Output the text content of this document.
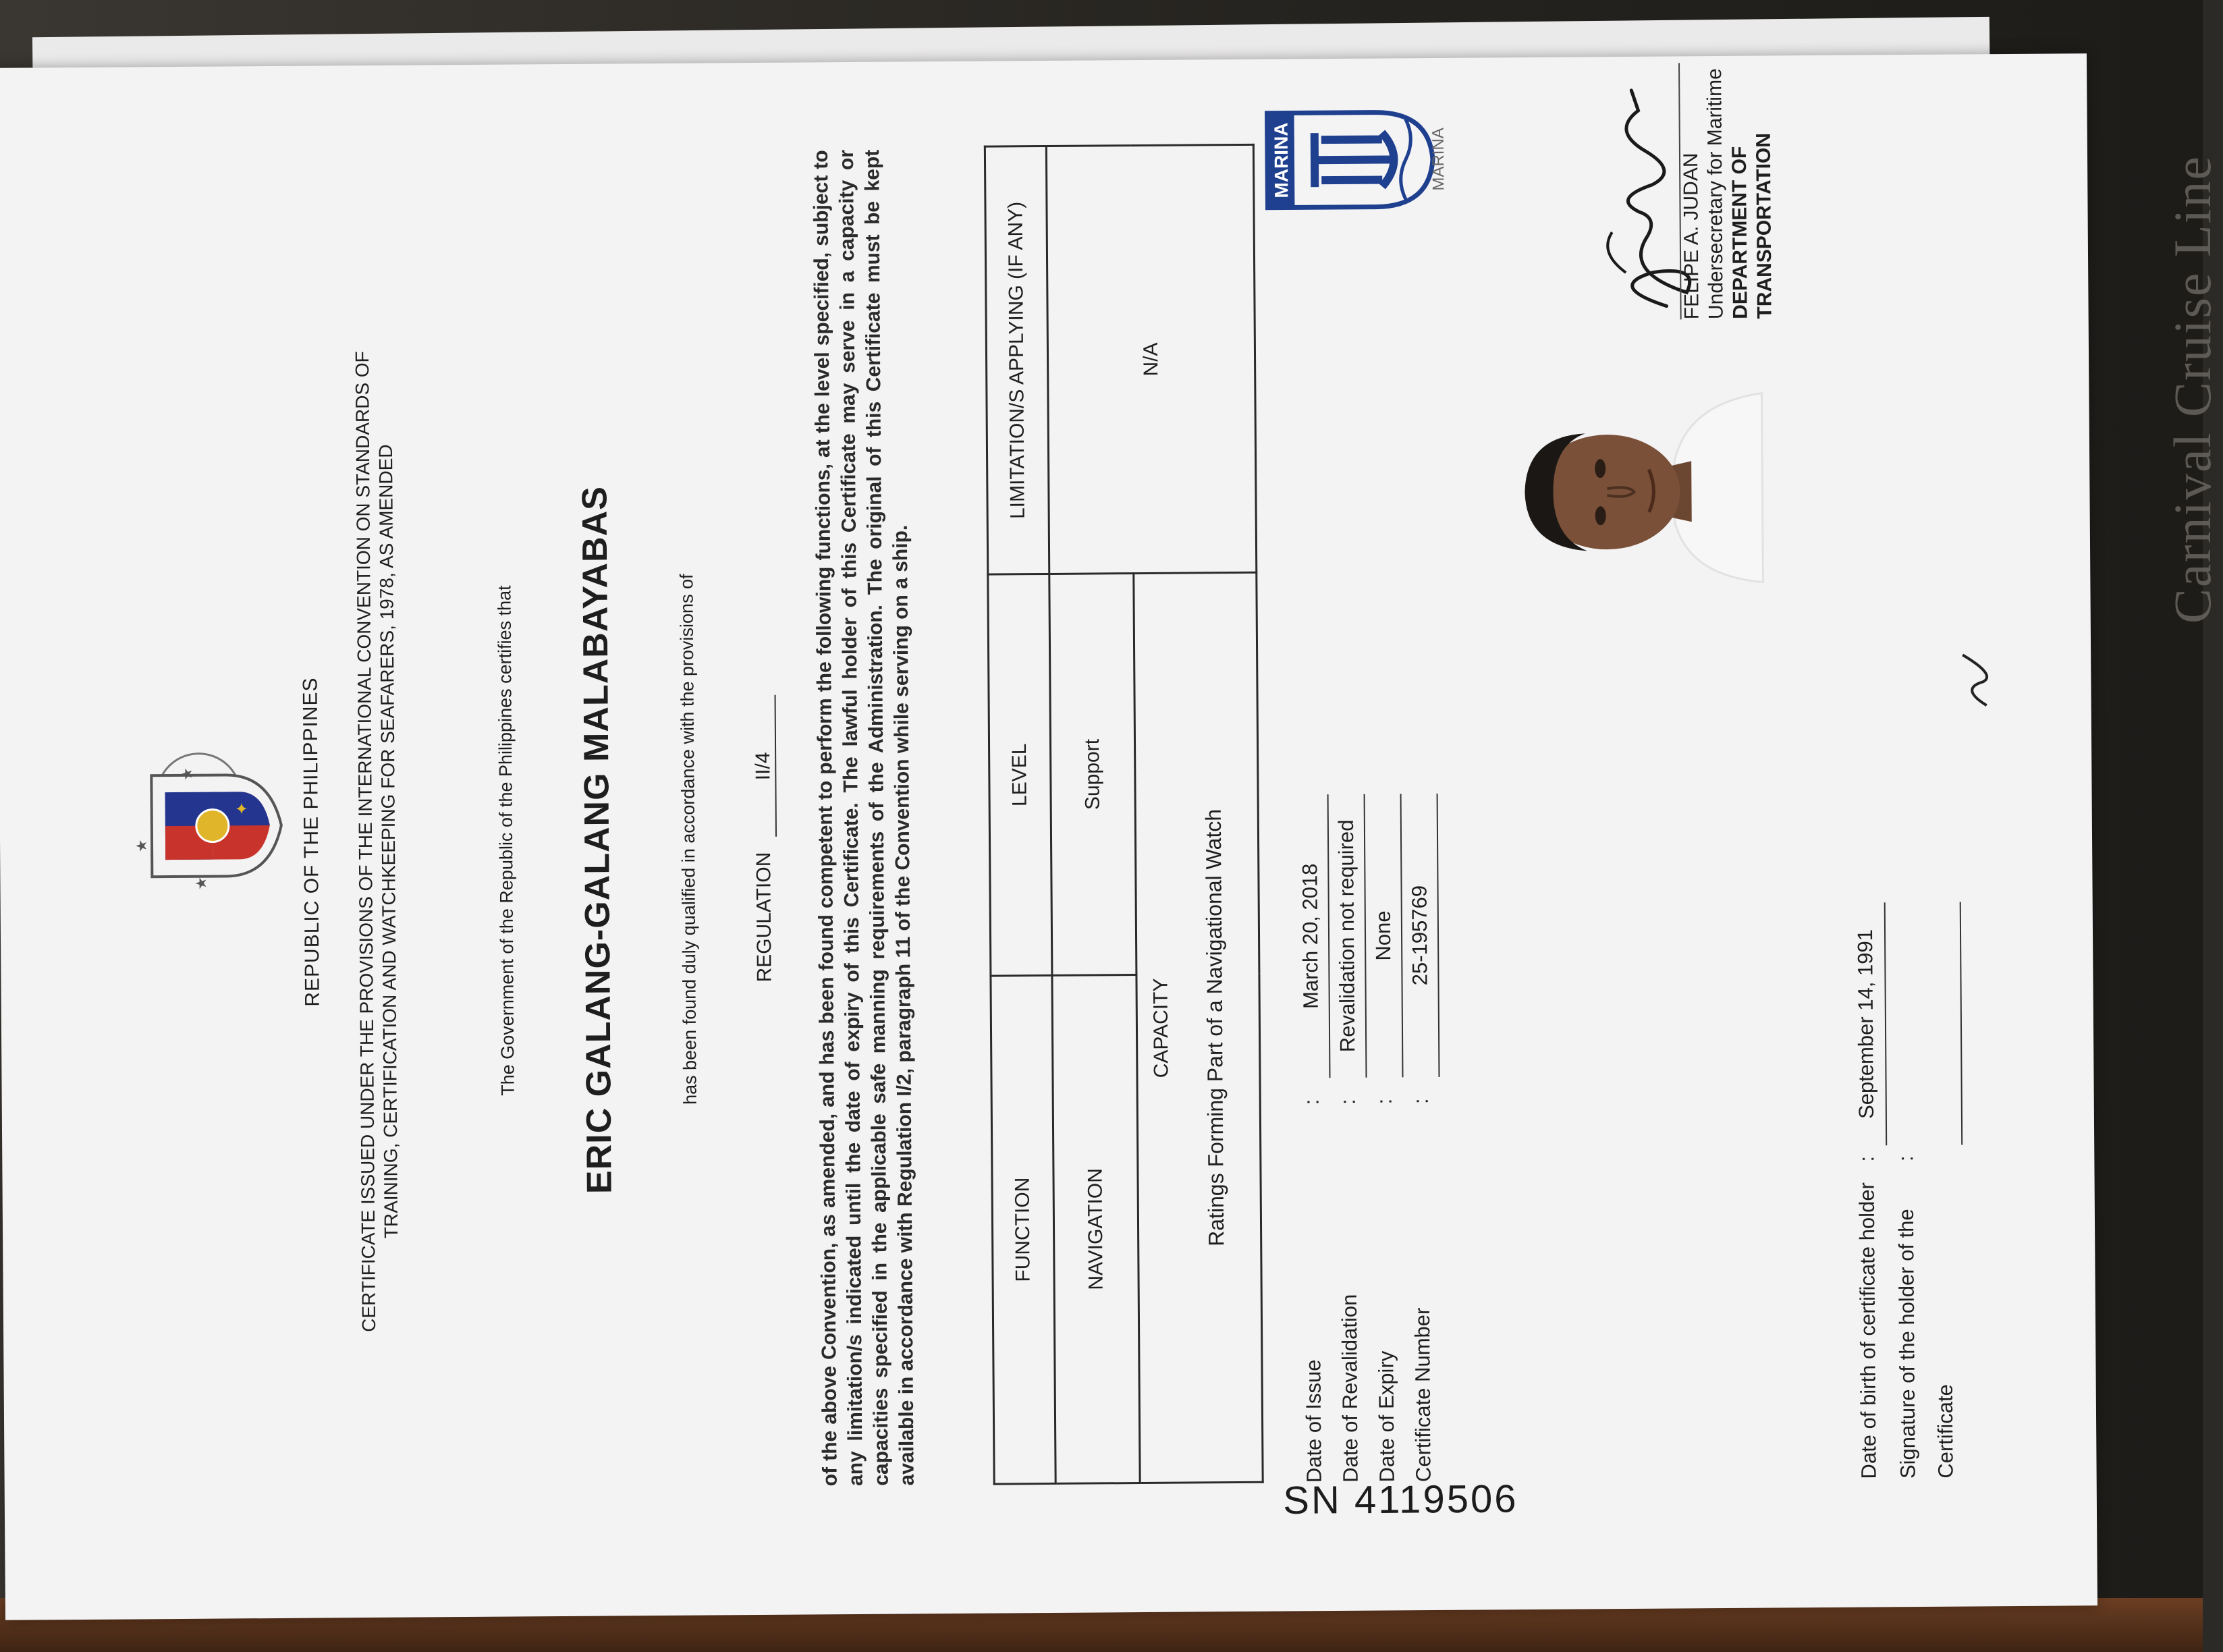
Carnival Cruise Line
★
★
★
✦ REPUBLIC OF THE PHILIPPINES CERTIFICATE ISSUED UNDER THE PROVISIONS OF THE INTERNATIONAL CONVENTION ON STANDARDS OF TRAINING, CERTIFICATION AND WATCHKEEPING FOR SEAFARERS, 1978, AS AMENDED	The Government of the Republic of the Philippines certifies that ERIC GALANG-GALANG MALABAYABAS	has been found duly qualified in accordance with the provisions of	REGULATION II/4	of the above Convention, as amended, and has been found competent to perform the following functions, at the level specified, subject to any limitation/s indicated until the date of expiry of this Certificate. The lawful holder of this Certificate may serve in a capacity or capacities specified in the applicable safe manning requirements of the Administration. The original of this Certificate must be kept available in accordance with Regulation I/2, paragraph 11 of the Convention while serving on a ship.	FUNCTION	LEVEL	LIMITATION/S APPLYING (IF ANY)
NAVIGATION	Support	N/A

CAPACITY Ratings Forming Part of a Navigational Watch		
Date of Issue
:
March 20, 2018
Date of Revalidation
:
Revalidation not required
Date of Expiry
:
None
Certificate Number
:
25-195769
MARINA	MARINA	FELIPE A. JUDAN Undersecretary for Maritime DEPARTMENT OF TRANSPORTATION
Date of birth of certificate holder
:
September 14, 1991
Signature of the holder of the Certificate
:

SN 4119506
